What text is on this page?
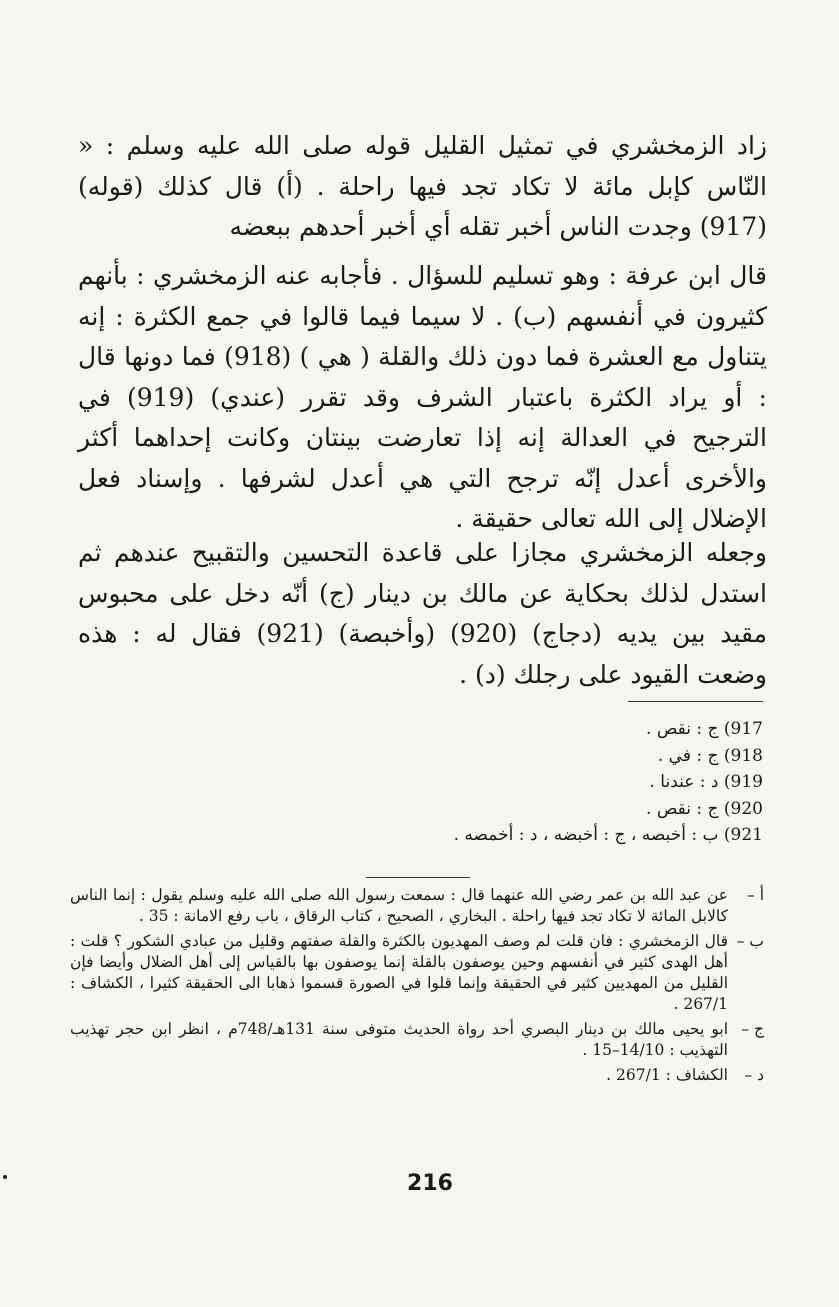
زاد الزمخشري في تمثيل القليل قوله صلى الله عليه وسلم : « النّاس كإبل مائة لا تكاد تجد فيها راحلة . (أ) قال كذلك (قوله) (917) وجدت الناس أخبر تقله أي أخبر أحدهم ببعضه

قال ابن عرفة : وهو تسليم للسؤال . فأجابه عنه الزمخشري : بأنهم كثيرون في أنفسهم (ب) . لا سيما فيما قالوا في جمع الكثرة : إنه يتناول مع العشرة فما دون ذلك والقلة ( هي ) (918) فما دونها قال : أو يراد الكثرة باعتبار الشرف وقد تقرر (عندي) (919) في الترجيح في العدالة إنه إذا تعارضت بينتان وكانت إحداهما أكثر والأخرى أعدل إنّه ترجح التي هي أعدل لشرفها . وإسناد فعل الإضلال إلى الله تعالى حقيقة .

وجعله الزمخشري مجازا على قاعدة التحسين والتقبيح عندهم ثم استدل لذلك بحكاية عن مالك بن دينار (ج) أنّه دخل على محبوس مقيد بين يديه (دجاج) (920) (وأخبصة) (921) فقال له : هذه وضعت القيود على رجلك (د) .

917) ج : نقص .
918) ج : في .
919) د : عندنا .
920) ج : نقص .
921) ب : أخبصه ، ج : أخبضه ، د : أخمصه .
أ –
عن عبد الله بن عمر رضي الله عنهما قال : سمعت رسول الله صلى الله عليه وسلم يقول : إنما الناس كالابل المائة لا تكاد تجد فيها راحلة . البخاري ، الصحيح ، كتاب الرقاق ، باب رفع الامانة : 35 .
ب –
قال الزمخشري : فان قلت لم وصف المهديون بالكثرة والقلة صفتهم وقليل من عبادي الشكور ؟ قلت : أهل الهدى كثير في أنفسهم وحين يوصفون بالقلة إنما يوصفون بها بالقياس إلى أهل الضلال وأيضا فإن القليل من المهديين كثير في الحقيقة وإنما قلوا في الصورة قسموا ذهابا الى الحقيقة كثيرا ، الكشاف : 267/1 .
ج –
ابو يحيى مالك بن دينار البصري أحد رواة الحديث متوفى سنة 131هـ/748م ، انظر ابن حجر تهذيب التهذيب : 14/10–15 .
د –
الكشاف : 267/1 .
216
